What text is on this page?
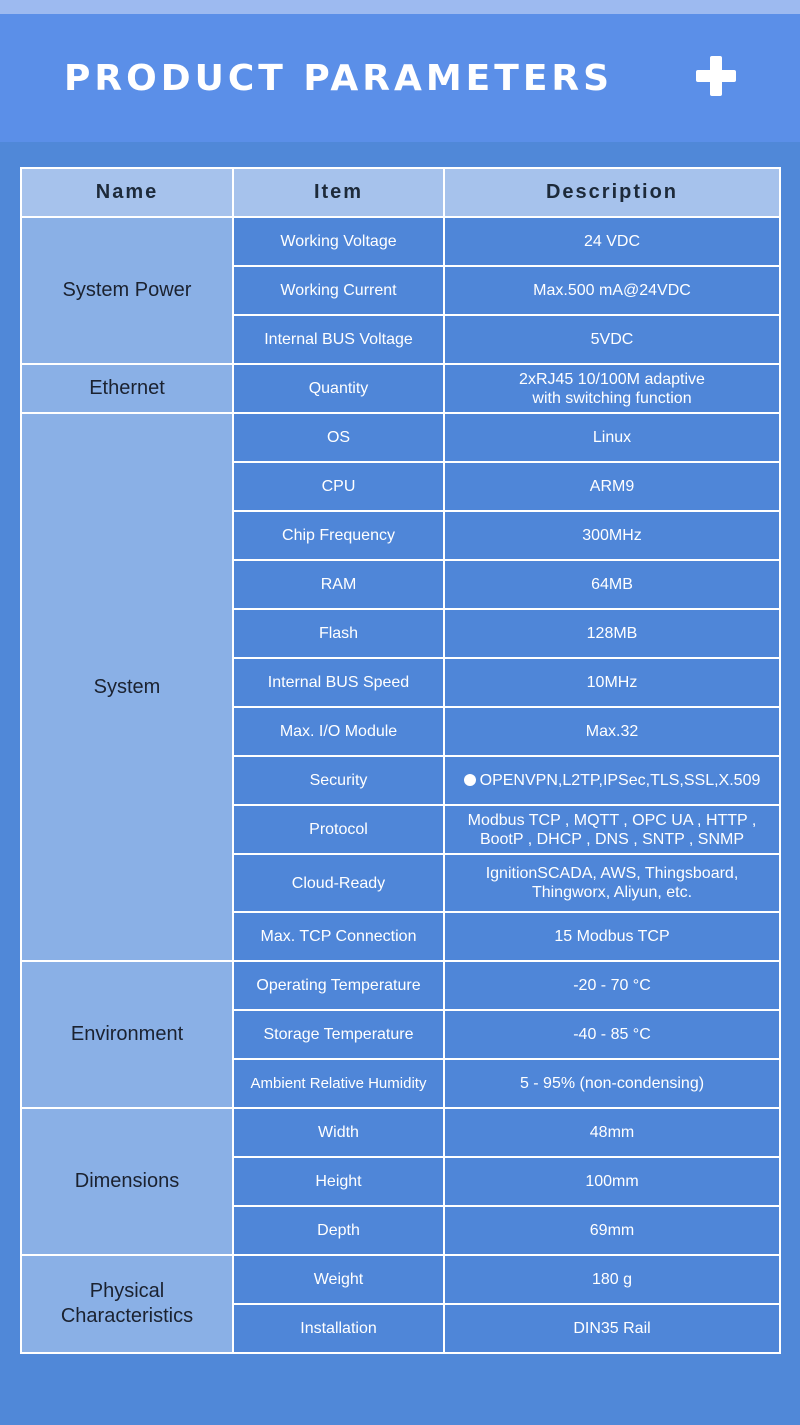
PRODUCT PARAMETERS
Name	Item	Description
System Power	Working Voltage	24 VDC
	Working Current	Max.500 mA@24VDC
	Internal BUS Voltage	5VDC
Ethernet	Quantity	2xRJ45 10/100M adaptive
with switching function

System	OS	Linux
	CPU	ARM9
	Chip Frequency	300MHz
	RAM	64MB
	Flash	128MB
	Internal BUS Speed	10MHz
	Max. I/O Module	Max.32
	Security	OPENVPN,L2TP,IPSec,TLS,SSL,X.509
	Protocol	Modbus TCP , MQTT , OPC UA , HTTP ,
BootP , DHCP , DNS , SNTP , SNMP

	Cloud-Ready	IgnitionSCADA, AWS, Thingsboard,
Thingworx, Aliyun, etc.

	Max. TCP Connection	15 Modbus TCP
Environment	Operating Temperature	-20 - 70 °C
	Storage Temperature	-40 - 85 °C
	Ambient Relative Humidity	5 - 95% (non-condensing)
Dimensions	Width	48mm
	Height	100mm
	Depth	69mm
Physical Characteristics	Weight	180 g
	Installation	DIN35 Rail
